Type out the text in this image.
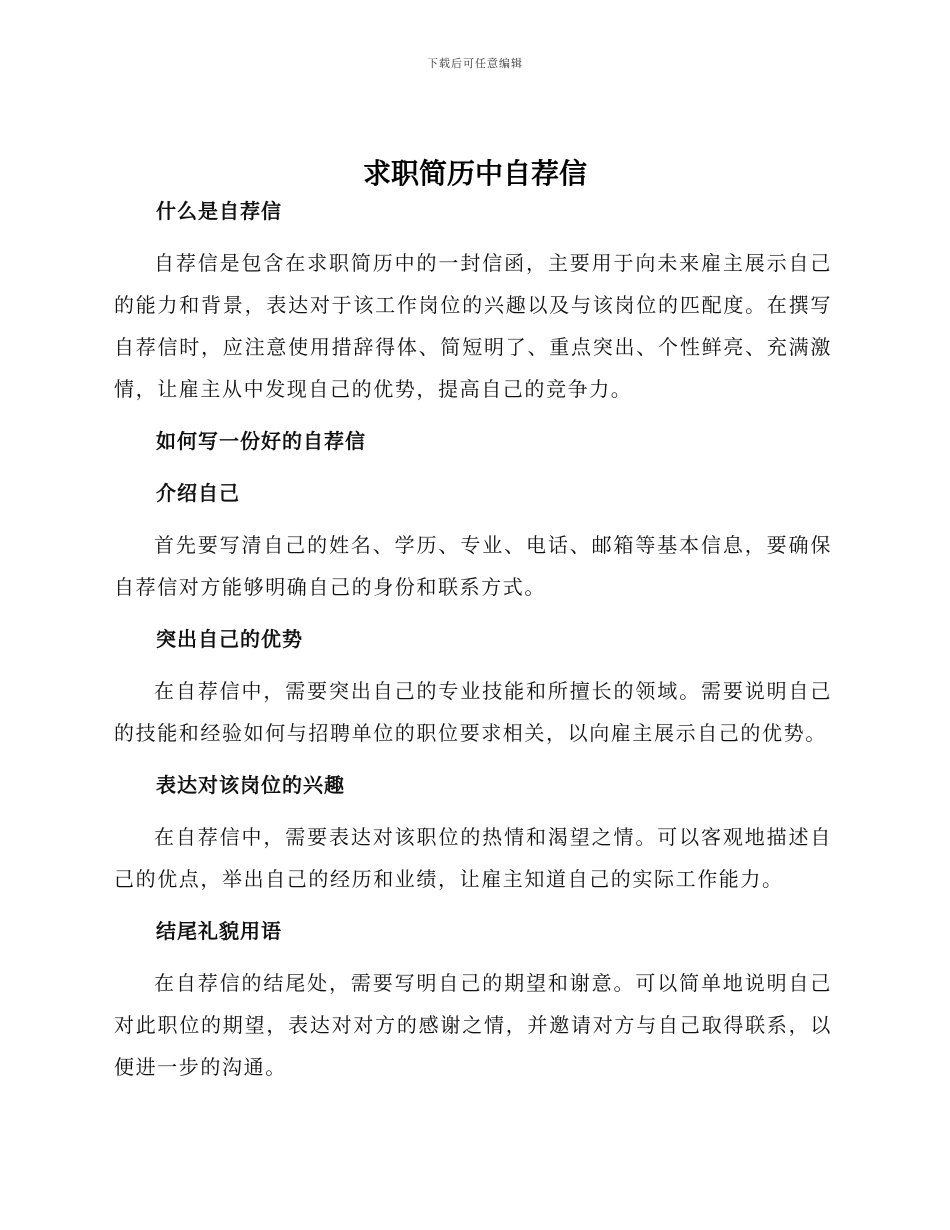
下载后可任意编辑
求职简历中自荐信
什么是自荐信

自荐信是包含在求职简历中的一封信函，主要用于向未来雇主展示自己的能力和背景，表达对于该工作岗位的兴趣以及与该岗位的匹配度。在撰写自荐信时，应注意使用措辞得体、简短明了、重点突出、个性鲜亮、充满激情，让雇主从中发现自己的优势，提高自己的竞争力。

如何写一份好的自荐信
介绍自己

首先要写清自己的姓名、学历、专业、电话、邮箱等基本信息，要确保自荐信对方能够明确自己的身份和联系方式。

突出自己的优势

在自荐信中，需要突出自己的专业技能和所擅长的领域。需要说明自己的技能和经验如何与招聘单位的职位要求相关，以向雇主展示自己的优势。

表达对该岗位的兴趣

在自荐信中，需要表达对该职位的热情和渴望之情。可以客观地描述自己的优点，举出自己的经历和业绩，让雇主知道自己的实际工作能力。

结尾礼貌用语

在自荐信的结尾处，需要写明自己的期望和谢意。可以简单地说明自己对此职位的期望，表达对对方的感谢之情，并邀请对方与自己取得联系，以便进一步的沟通。
